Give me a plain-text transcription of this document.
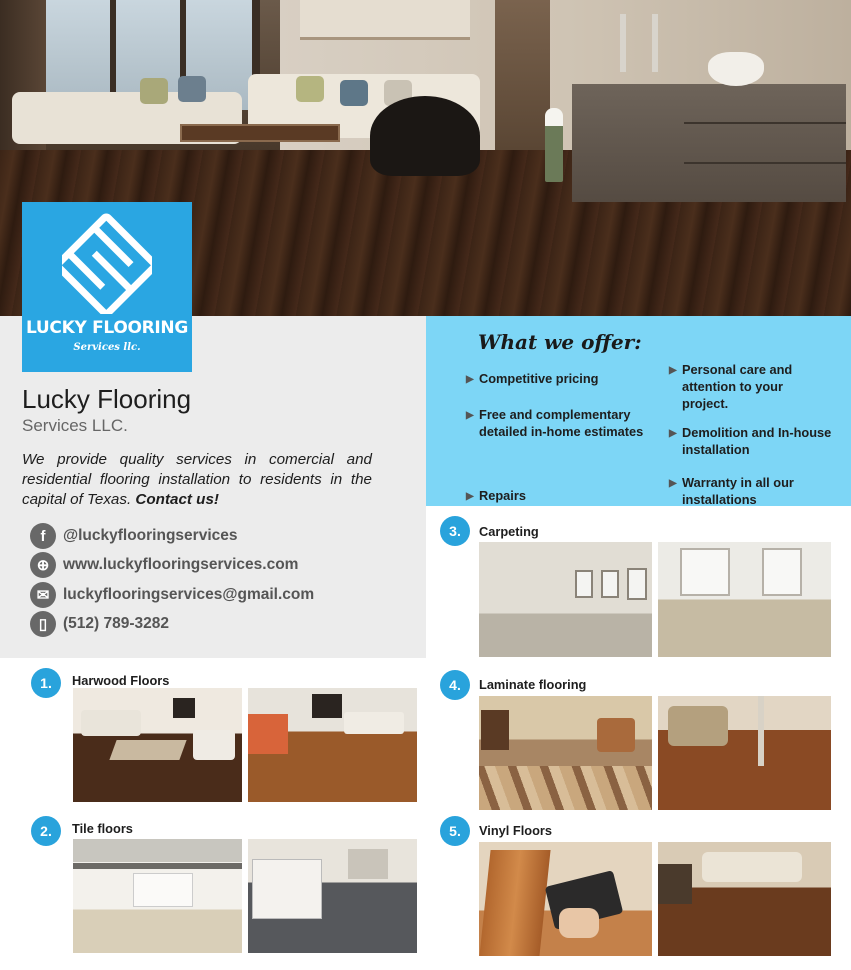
LUCKY FLOORING
Services llc.
Lucky Flooring
Services LLC.
We provide quality services in comercial and residential flooring installation to residents in the capital of Texas. Contact us!
f	@luckyflooringservices
⊕ www.luckyflooringservices.com
✉ luckyflooringservices@gmail.com
▯	(512) 789-3282
What we offer:
▶ Competitive pricing
▶ Free and complementary detailed in-home estimates
▶ Repairs
▶ Personal care and attention to your project.
▶ Demolition and In-house installation
▶ Warranty in all our installations
1.	Harwood Floors
2.	Tile floors
3.	Carpeting
4.	Laminate flooring
5.	Vinyl Floors
